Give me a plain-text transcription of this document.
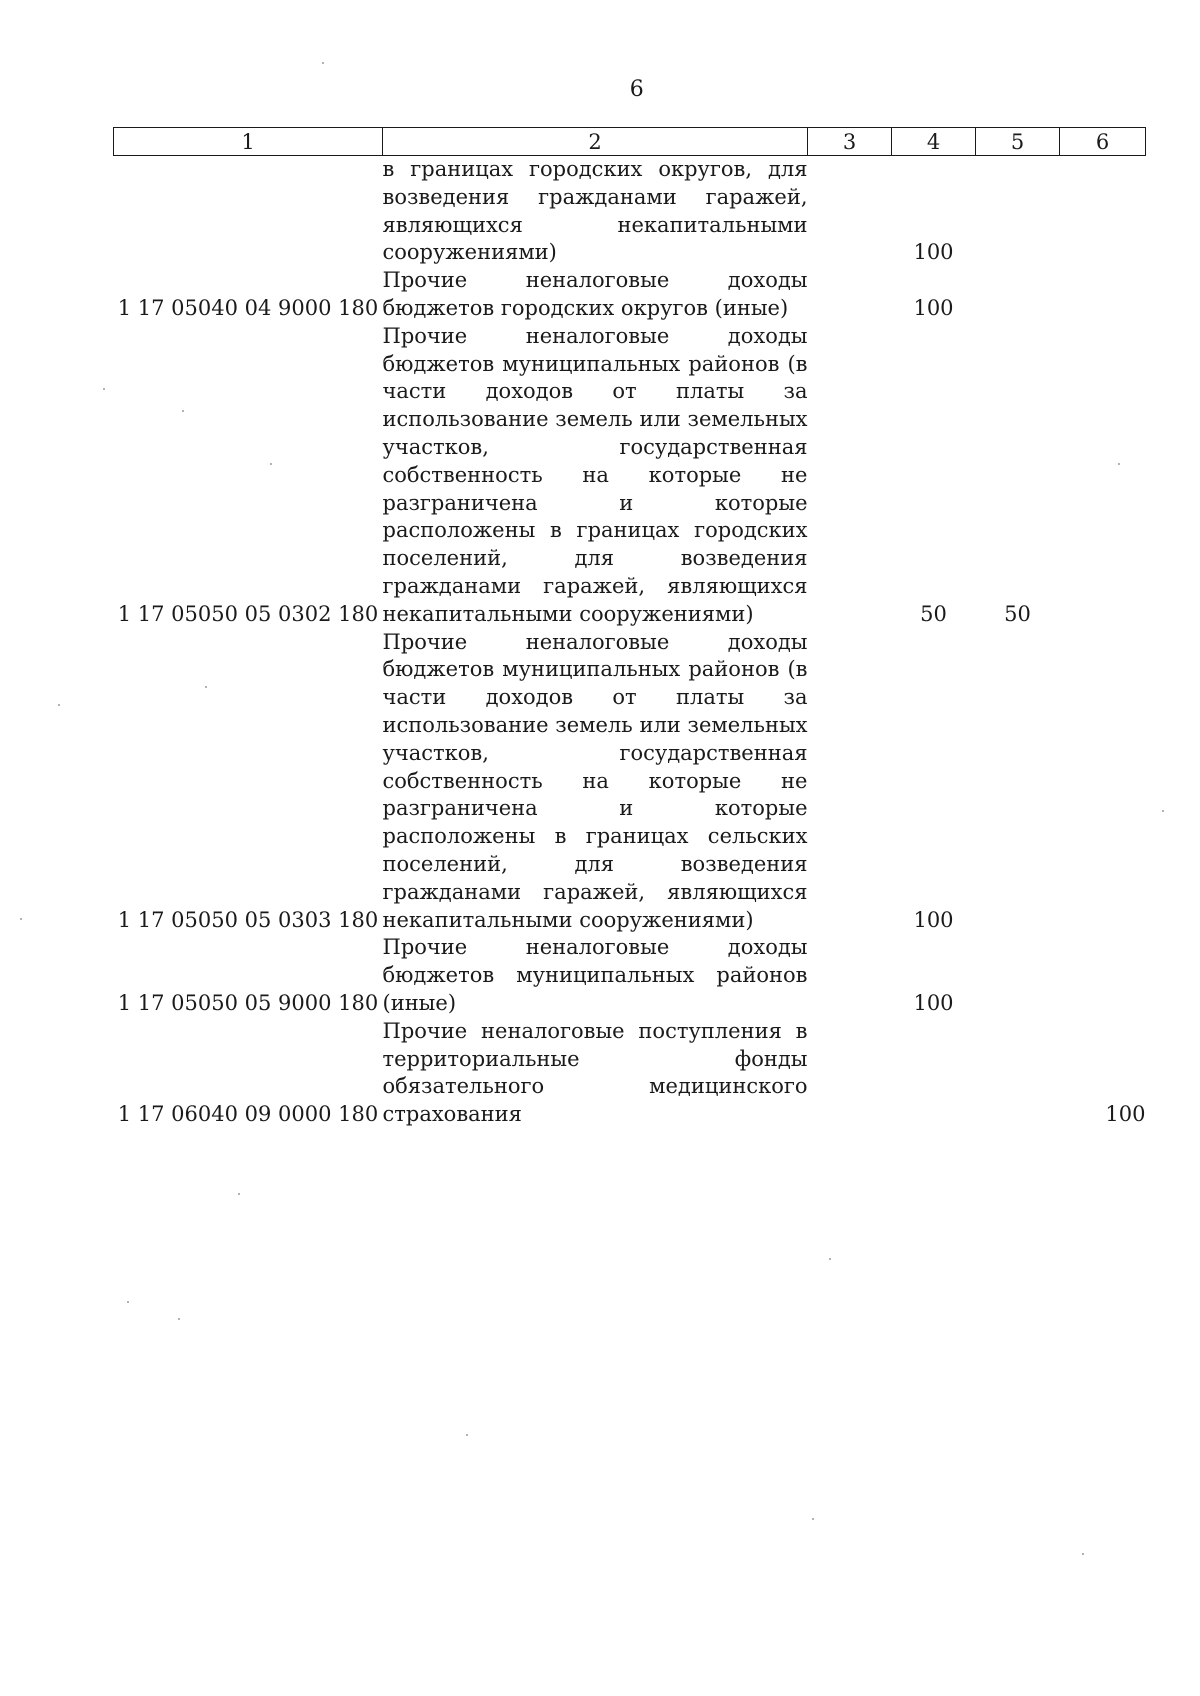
6
1	2	3	4	5	6

	в границах городских округов, для возведения гражданами гаражей, являющихся некапитальными сооружениями)		100		
1 17 05040 04 9000 180	Прочие неналоговые доходы бюджетов городских округов (иные)		100		
1 17 05050 05 0302 180	Прочие неналоговые доходы бюджетов муниципальных районов (в части доходов от платы за использование земель или земельных участков, государственная собственность на которые не разграничена и которые расположены в границах городских поселений, для возведения гражданами гаражей, являющихся некапитальными сооружениями)		50	50	
1 17 05050 05 0303 180	Прочие неналоговые доходы бюджетов муниципальных районов (в части доходов от платы за использование земель или земельных участков, государственная собственность на которые не разграничена и которые расположены в границах сельских поселений, для возведения гражданами гаражей, являющихся некапитальными сооружениями)		100		
1 17 05050 05 9000 180	Прочие неналоговые доходы бюджетов муниципальных районов (иные)		100		
1 17 06040 09 0000 180	Прочие неналоговые поступления в территориальные фонды обязательного медицинского страхования				100
